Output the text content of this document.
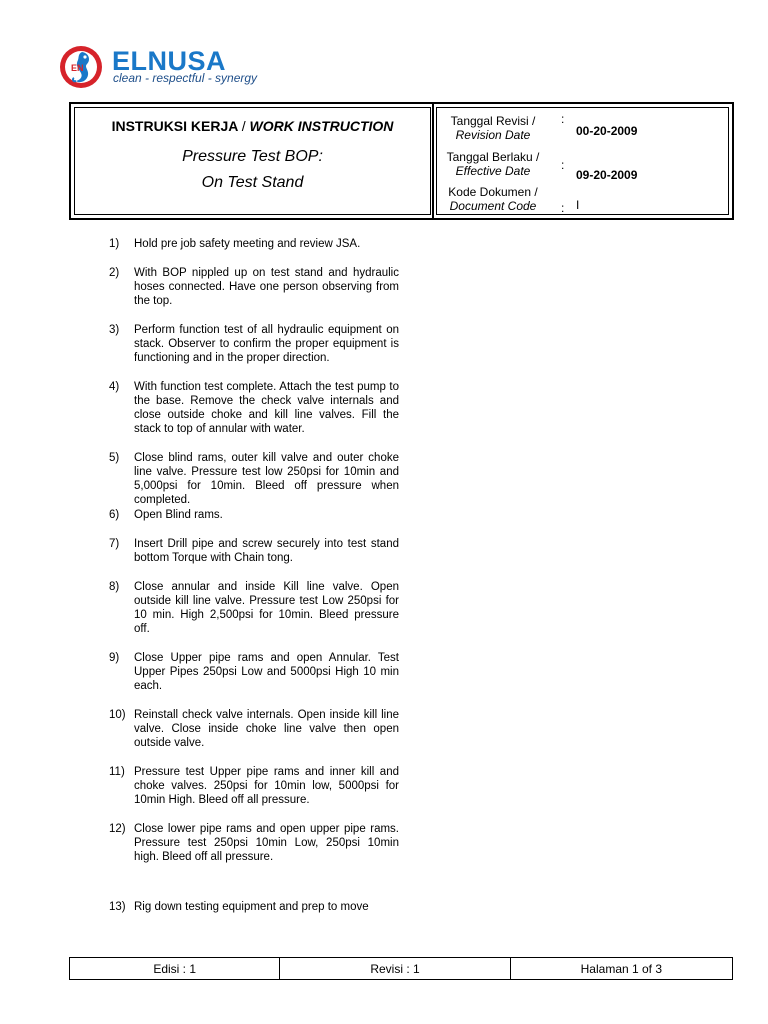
EN ELNUSA
clean - respectful - synergy
INSTRUKSI KERJA / WORK INSTRUCTION
Pressure Test BOP:
On Test Stand
Tanggal Revisi /
Revision Date
:
00-20-2009
Tanggal Berlaku /
Effective Date	:
09-20-2009
Kode Dokumen /
Document Code	: I
1)	Hold pre job safety meeting and review JSA.
2)	With BOP nippled up on test stand and hydraulic hoses connected. Have one person observing from the top.
3)	Perform function test of all hydraulic equipment on stack. Observer to confirm the proper equipment is functioning and in the proper direction.
4)	With function test complete. Attach the test pump to the base. Remove the check valve internals and close outside choke and kill line valves. Fill the stack to top of annular with water.
5)	Close blind rams, outer kill valve and outer choke line valve. Pressure test low 250psi for 10min and 5,000psi for 10min. Bleed off pressure when completed.
6)	Open Blind rams.
7)	Insert Drill pipe and screw securely into test stand bottom Torque with Chain tong.
8)	Close annular and inside Kill line valve. Open outside kill line valve. Pressure test Low 250psi for 10 min. High 2,500psi for 10min. Bleed pressure off.
9)	Close Upper pipe rams and open Annular. Test Upper Pipes 250psi Low and 5000psi High 10 min each.
10) Reinstall check valve internals. Open inside kill line valve. Close inside choke line valve then open outside valve.
11) Pressure test Upper pipe rams and inner kill and choke valves. 250psi for 10min low, 5000psi for 10min High. Bleed off all pressure.
12) Close lower pipe rams and open upper pipe rams. Pressure test 250psi 10min Low, 250psi 10min high. Bleed off all pressure.
13) Rig down testing equipment and prep to move
Edisi : 1	Revisi : 1	Halaman 1 of 3
